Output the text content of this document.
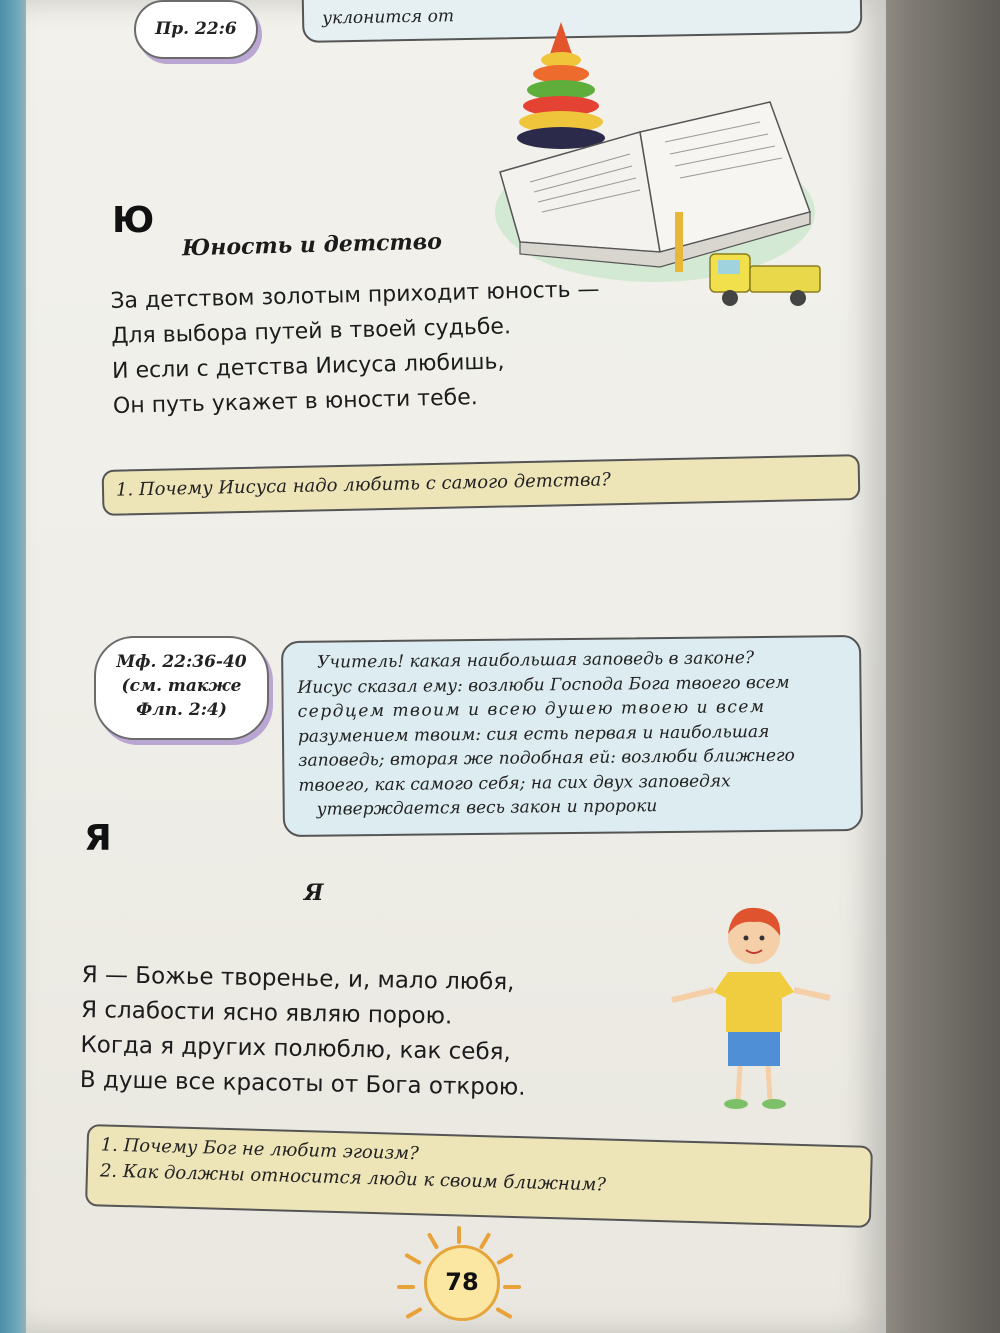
Пр. 22:6
уклонится от
Ю
Юность и детство
За детством золотым приходит юность —
Для выбора путей в твоей судьбе.
И если с детства Иисуса любишь,
Он путь укажет в юности тебе.
1. Почему Иисуса надо любить с самого детства?
Мф. 22:36-40
(см. также
Флп. 2:4)
Учитель! какая наибольшая заповедь в законе?
Иисус сказал ему: возлюби Господа Бога твоего всем
сердцем твоим и всею душею твоею и всем
разумением твоим: сия есть первая и наибольшая
заповедь; вторая же подобная ей: возлюби ближнего
твоего, как самого себя; на сих двух заповедях
утверждается весь закон и пророки
Я
Я
Я — Божье творенье, и, мало любя,
Я слабости ясно являю порою.
Когда я других полюблю, как себя,
В душе все красоты от Бога открою.
1. Почему Бог не любит эгоизм?
2. Как должны относится люди к своим ближним?
78
